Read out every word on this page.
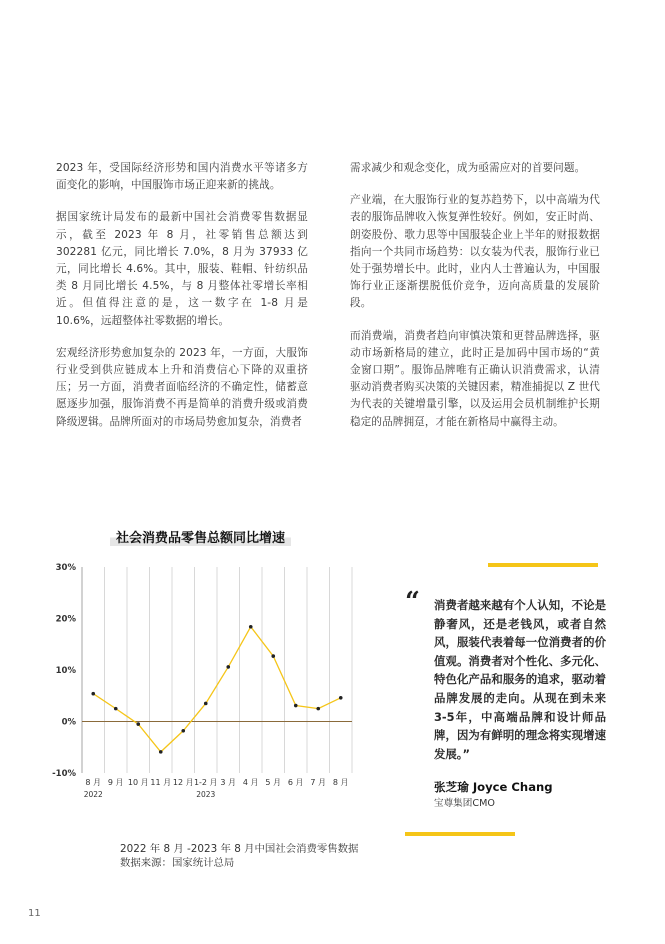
2023 年，受国际经济形势和国内消费水平等诸多方面变化的影响，中国服饰市场正迎来新的挑战。

据国家统计局发布的最新中国社会消费零售数据显示，截至 2023 年 8 月，社零销售总额达到 302281 亿元，同比增长 7.0%，8 月为 37933 亿元，同比增长 4.6%。其中，服装、鞋帽、针纺织品类 8 月同比增长 4.5%，与 8 月整体社零增长率相近。但值得注意的是，这一数字在 1-8 月是 10.6%，远超整体社零数据的增长。

宏观经济形势愈加复杂的 2023 年，一方面，大服饰行业受到供应链成本上升和消费信心下降的双重挤压；另一方面，消费者面临经济的不确定性，储蓄意愿逐步加强，服饰消费不再是简单的消费升级或消费降级逻辑。品牌所面对的市场局势愈加复杂，消费者

需求减少和观念变化，成为亟需应对的首要问题。

产业端，在大服饰行业的复苏趋势下，以中高端为代表的服饰品牌收入恢复弹性较好。例如，安正时尚、朗姿股份、歌力思等中国服装企业上半年的财报数据指向一个共同市场趋势：以女装为代表，服饰行业已处于强势增长中。此时，业内人士普遍认为，中国服饰行业正逐渐摆脱低价竞争，迈向高质量的发展阶段。

而消费端，消费者趋向审慎决策和更替品牌选择，驱动市场新格局的建立，此时正是加码中国市场的“黄金窗口期”。服饰品牌唯有正确认识消费需求，认清驱动消费者购买决策的关键因素，精准捕捉以 Z 世代为代表的关键增量引擎，以及运用会员机制维护长期稳定的品牌拥趸，才能在新格局中赢得主动。

社会消费品零售总额同比增速
-10%
0%
10%
20%
30%
8 月 9 月 10 月 11 月 12 月 1-2 月 3 月 4 月 5 月 6 月 7 月 8 月
2022	2023
2022 年 8 月 -2023 年 8 月中国社会消费零售数据
数据来源：国家统计总局
“ 消费者越来越有个人认知，不论是静奢风，还是老钱风，或者自然风，服装代表着每一位消费者的价值观。消费者对个性化、多元化、特色化产品和服务的追求，驱动着品牌发展的走向。从现在到未来3-5年，中高端品牌和设计师品牌，因为有鲜明的理念将实现增速发展。”
张芝瑜 Joyce Chang
宝尊集团CMO
11
